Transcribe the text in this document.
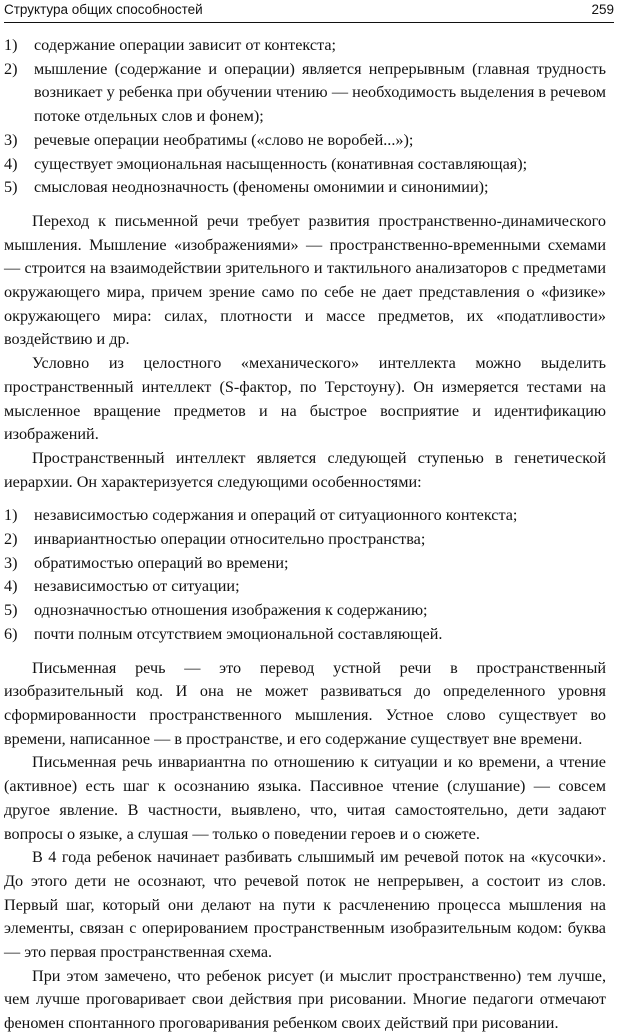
Структура общих способностей	259
1)	содержание операции зависит от контекста;
2)	мышление (содержание и операции) является непрерывным (главная трудность возникает у ребенка при обучении чтению — необходимость выделения в речевом потоке отдельных слов и фонем);
3)	речевые операции необратимы («слово не воробей...»);
4)	существует эмоциональная насыщенность (конативная составляющая);
5)	смысловая неоднозначность (феномены омонимии и синонимии);

Переход к письменной речи требует развития пространственно-динамического мышления. Мышление «изображениями» — пространственно-временными схемами — строится на взаимодействии зрительного и тактильного анализаторов с предметами окружающего мира, причем зрение само по себе не дает представления о «физике» окружающего мира: силах, плотности и массе предметов, их «податливости» воздействию и др.

Условно из целостного «механического» интеллекта можно выделить пространственный интеллект (S-фактор, по Терстоуну). Он измеряется тестами на мысленное вращение предметов и на быстрое восприятие и идентификацию изображений.

Пространственный интеллект является следующей ступенью в генетической иерархии. Он характеризуется следующими особенностями:

1)	независимостью содержания и операций от ситуационного контекста;
2)	инвариантностью операции относительно пространства;
3)	обратимостью операций во времени;
4)	независимостью от ситуации;
5)	однозначностью отношения изображения к содержанию;
6)	почти полным отсутствием эмоциональной составляющей.

Письменная речь — это перевод устной речи в пространственный изобразительный код. И она не может развиваться до определенного уровня сформированности пространственного мышления. Устное слово существует во времени, написанное — в пространстве, и его содержание существует вне времени.

Письменная речь инвариантна по отношению к ситуации и ко времени, а чтение (активное) есть шаг к осознанию языка. Пассивное чтение (слушание) — совсем другое явление. В частности, выявлено, что, читая самостоятельно, дети задают вопросы о языке, а слушая — только о поведении героев и о сюжете.

В 4 года ребенок начинает разбивать слышимый им речевой поток на «кусочки». До этого дети не осознают, что речевой поток не непрерывен, а состоит из слов. Первый шаг, который они делают на пути к расчленению процесса мышления на элементы, связан с оперированием пространственным изобразительным кодом: буква — это первая пространственная схема.

При этом замечено, что ребенок рисует (и мыслит пространственно) тем лучше, чем лучше проговаривает свои действия при рисовании. Многие педагоги отмечают феномен спонтанного проговаривания ребенком своих действий при рисовании.
